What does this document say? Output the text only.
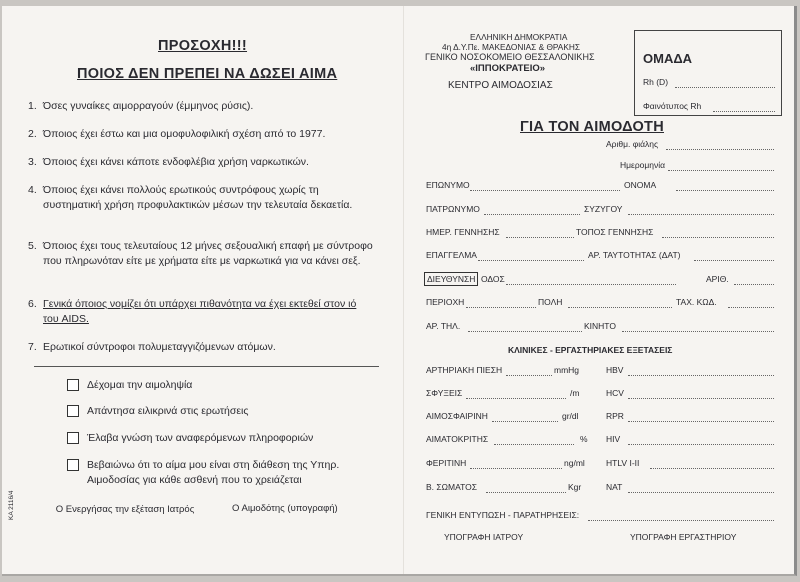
ΠΡΟΣΟΧΗ!!!
ΠΟΙΟΣ ΔΕΝ ΠΡΕΠΕΙ ΝΑ ΔΩΣΕΙ ΑΙΜΑ
1. Όσες γυναίκες αιμορραγούν (έμμηνος ρύσις).
2. Όποιος έχει έστω και μια ομοφυλοφιλική σχέση από το 1977.
3. Όποιος έχει κάνει κάποτε ενδοφλέβια χρήση ναρκωτικών.
4. Όποιος έχει κάνει πολλούς ερωτικούς συντρόφους χωρίς τη συστηματική χρήση προφυλακτικών μέσων την τελευταία δεκαετία.
5. Όποιος έχει τους τελευταίους 12 μήνες σεξουαλική επαφή με σύντροφο που πληρωνόταν είτε με χρήματα είτε με ναρκωτικά για να κάνει σεξ.
6. Γενικά όποιος νομίζει ότι υπάρχει πιθανότητα να έχει εκτεθεί στον ιό του AIDS.
7. Ερωτικοί σύντροφοι πολυμεταγγιζόμενων ατόμων.
Δέχομαι την αιμοληψία
Απάντησα ειλικρινά στις ερωτήσεις
Έλαβα γνώση των αναφερόμενων πληροφοριών
Βεβαιώνω ότι το αίμα μου είναι στη διάθεση της Υπηρ. Αιμοδοσίας για κάθε ασθενή που το χρειάζεται
Ο Ενεργήσας την εξέταση Ιατρός	Ο Αιμοδότης (υπογραφή)
ΚΑ 2116/4
ΕΛΛΗΝΙΚΗ ΔΗΜΟΚΡΑΤΙΑ
4η Δ.Υ.Πε. ΜΑΚΕΔΟΝΙΑΣ & ΘΡΑΚΗΣ
ΓΕΝΙΚΟ ΝΟΣΟΚΟΜΕΙΟ ΘΕΣΣΑΛΟΝΙΚΗΣ
«ΙΠΠΟΚΡΑΤΕΙΟ»
ΚΕΝΤΡΟ ΑΙΜΟΔΟΣΙΑΣ
ΟΜΑΔΑ
Rh (D)
Φαινότυπος Rh
ΓΙΑ ΤΟΝ ΑΙΜΟΔΟΤΗ
Αριθμ. φιάλης
Ημερομηνία
ΕΠΩΝΥΜΟ	ΟΝΟΜΑ
ΠΑΤΡΩΝΥΜΟ	ΣΥΖΥΓΟΥ
ΗΜΕΡ. ΓΕΝΝΗΣΗΣ	ΤΟΠΟΣ ΓΕΝΝΗΣΗΣ
ΕΠΑΓΓΕΛΜΑ	ΑΡ. ΤΑΥΤΟΤΗΤΑΣ (ΔΑΤ)
ΔΙΕΥΘΥΝΣΗ ΟΔΟΣ	ΑΡΙΘ.
ΠΕΡΙΟΧΗ	ΠΟΛΗ	ΤΑΧ. ΚΩΔ.
ΑΡ. ΤΗΛ.	ΚΙΝΗΤΟ
ΚΛΙΝΙΚΕΣ - ΕΡΓΑΣΤΗΡΙΑΚΕΣ ΕΞΕΤΑΣΕΙΣ
ΑΡΤΗΡΙΑΚΗ ΠΙΕΣΗ	mmHg	HBV
ΣΦΥΞΕΙΣ	/m	HCV
ΑΙΜΟΣΦΑΙΡΙΝΗ	gr/dl	RPR
ΑΙΜΑΤΟΚΡΙΤΗΣ	% HIV
ΦΕΡΙΤΙΝΗ	ng/ml HTLV I-II
Β. ΣΩΜΑΤΟΣ	Kgr	NAT
ΓΕΝΙΚΗ ΕΝΤΥΠΩΣΗ - ΠΑΡΑΤΗΡΗΣΕΙΣ:
ΥΠΟΓΡΑΦΗ ΙΑΤΡΟΥ	ΥΠΟΓΡΑΦΗ ΕΡΓΑΣΤΗΡΙΟΥ
